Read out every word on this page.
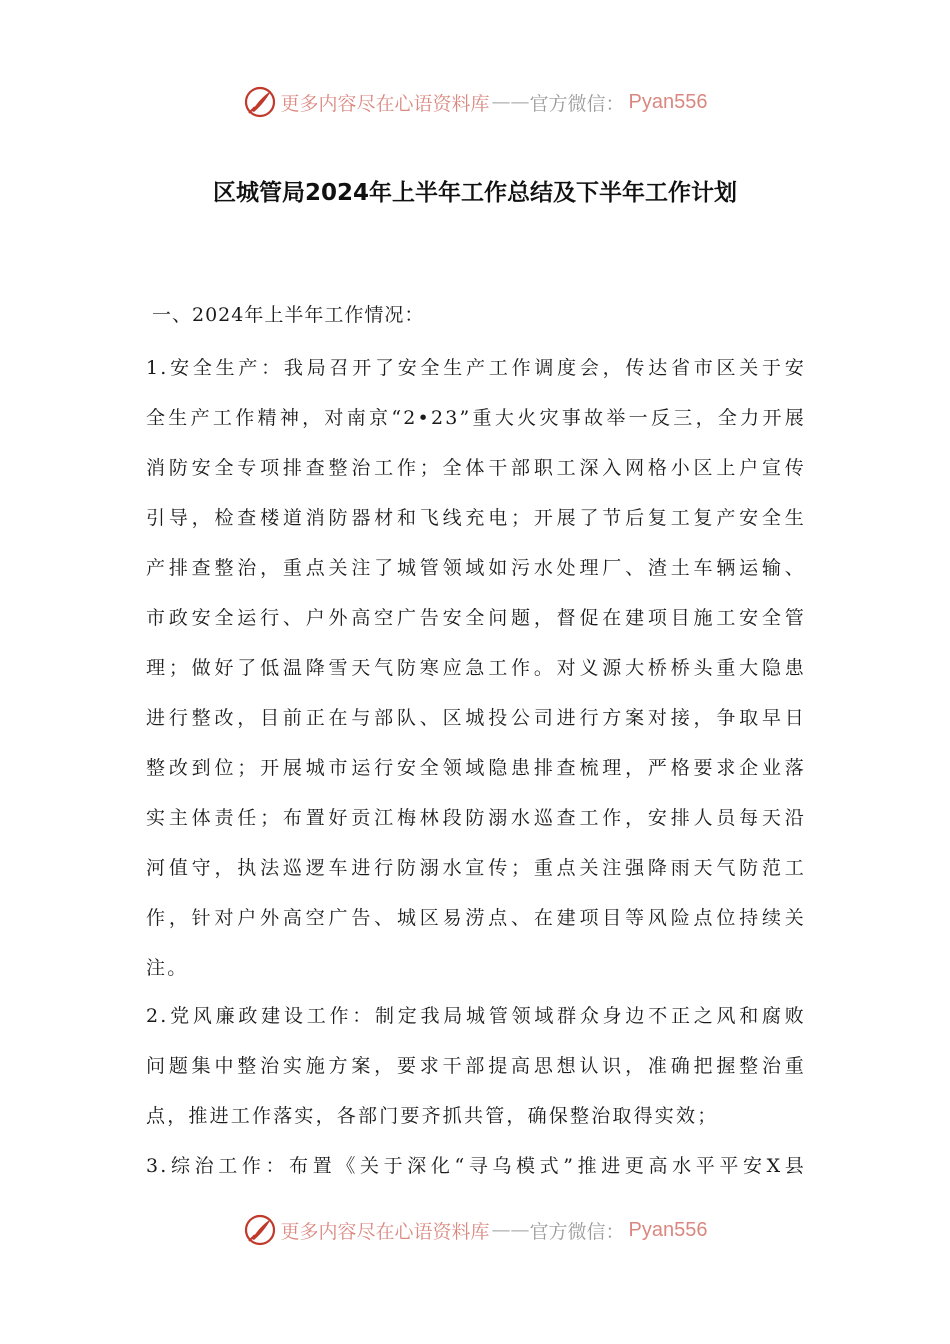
更多内容尽在心语资料库 —— 官方微信： Pyan556
区城管局2024年上半年工作总结及下半年工作计划
一、2024年上半年工作情况：
1.安全生产：我局召开了安全生产工作调度会，传达省市区关于安
全生产工作精神，对南京“2•23”重大火灾事故举一反三，全力开展
消防安全专项排查整治工作；全体干部职工深入网格小区上户宣传
引导，检查楼道消防器材和飞线充电；开展了节后复工复产安全生
产排查整治，重点关注了城管领域如污水处理厂、渣土车辆运输、
市政安全运行、户外高空广告安全问题，督促在建项目施工安全管
理；做好了低温降雪天气防寒应急工作。对义源大桥桥头重大隐患
进行整改，目前正在与部队、区城投公司进行方案对接，争取早日
整改到位；开展城市运行安全领域隐患排查梳理，严格要求企业落
实主体责任；布置好贡江梅林段防溺水巡查工作，安排人员每天沿
河值守，执法巡逻车进行防溺水宣传；重点关注强降雨天气防范工
作，针对户外高空广告、城区易涝点、在建项目等风险点位持续关
注。
2.党风廉政建设工作：制定我局城管领域群众身边不正之风和腐败
问题集中整治实施方案，要求干部提高思想认识，准确把握整治重
点，推进工作落实，各部门要齐抓共管，确保整治取得实效；
3.综治工作：布置《关于深化“寻乌模式”推进更高水平平安X县
更多内容尽在心语资料库 —— 官方微信： Pyan556
